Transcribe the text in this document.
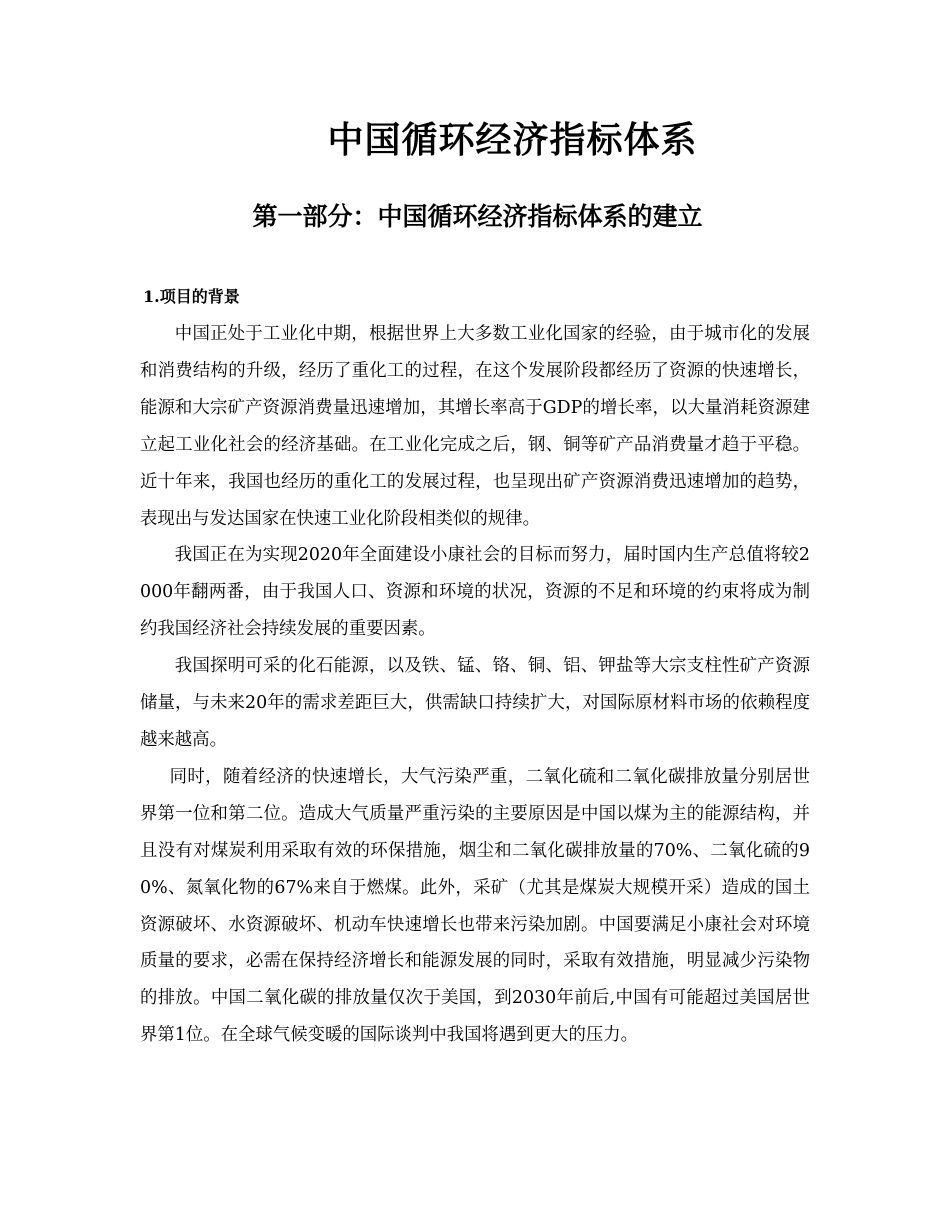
中国循环经济指标体系
第一部分：中国循环经济指标体系的建立
1.项目的背景

中国正处于工业化中期，根据世界上大多数工业化国家的经验，由于城市化的发展和消费结构的升级，经历了重化工的过程，在这个发展阶段都经历了资源的快速增长，能源和大宗矿产资源消费量迅速增加，其增长率高于GDP的增长率，以大量消耗资源建立起工业化社会的经济基础。在工业化完成之后，钢、铜等矿产品消费量才趋于平稳。近十年来，我国也经历的重化工的发展过程，也呈现出矿产资源消费迅速增加的趋势，表现出与发达国家在快速工业化阶段相类似的规律。

我国正在为实现2020年全面建设小康社会的目标而努力，届时国内生产总值将较2000年翻两番，由于我国人口、资源和环境的状况，资源的不足和环境的约束将成为制约我国经济社会持续发展的重要因素。

我国探明可采的化石能源，以及铁、锰、铬、铜、铝、钾盐等大宗支柱性矿产资源储量，与未来20年的需求差距巨大，供需缺口持续扩大，对国际原材料市场的依赖程度越来越高。

同时，随着经济的快速增长，大气污染严重，二氧化硫和二氧化碳排放量分别居世界第一位和第二位。造成大气质量严重污染的主要原因是中国以煤为主的能源结构，并且没有对煤炭利用采取有效的环保措施，烟尘和二氧化碳排放量的70%、二氧化硫的90%、氮氧化物的67%来自于燃煤。此外，采矿（尤其是煤炭大规模开采）造成的国土资源破坏、水资源破坏、机动车快速增长也带来污染加剧。中国要满足小康社会对环境质量的要求，必需在保持经济增长和能源发展的同时，采取有效措施，明显减少污染物的排放。中国二氧化碳的排放量仅次于美国，到2030年前后,中国有可能超过美国居世界第1位。在全球气候变暖的国际谈判中我国将遇到更大的压力。
